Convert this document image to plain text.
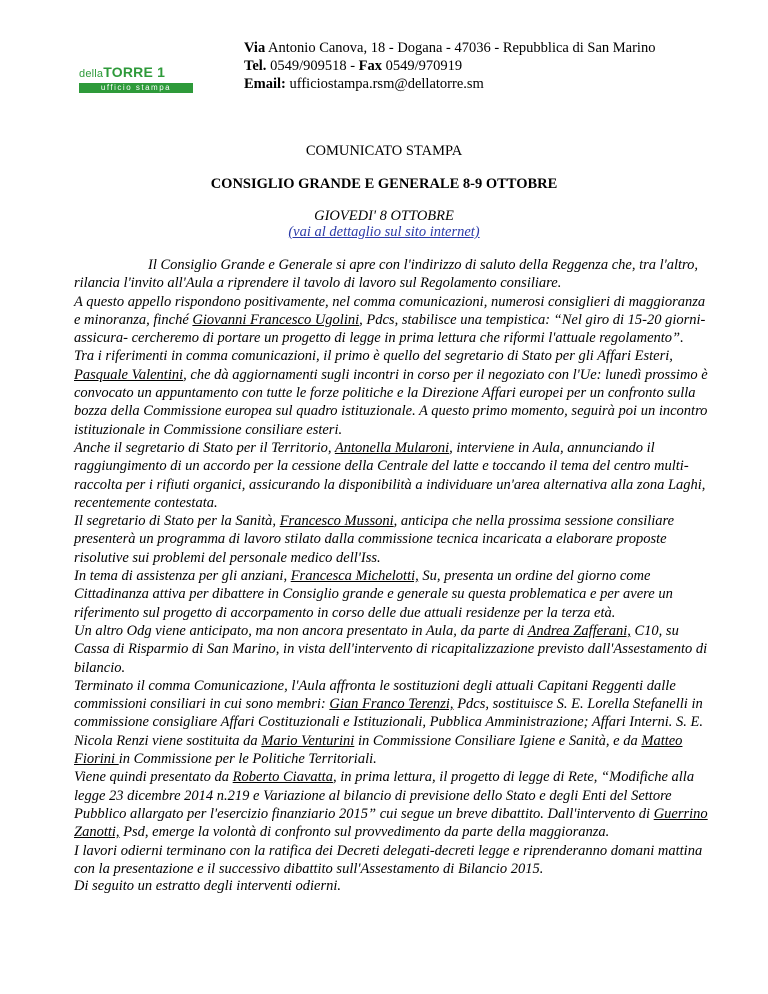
dellaTORRE 1
ufficio stampa
Via Antonio Canova, 18 - Dogana - 47036 - Repubblica di San Marino
Tel. 0549/909518 - Fax 0549/970919
Email: ufficiostampa.rsm@dellatorre.sm
COMUNICATO STAMPA
CONSIGLIO GRANDE E GENERALE 8-9 OTTOBRE
GIOVEDI' 8 OTTOBRE
(vai al dettaglio sul sito internet)

Il Consiglio Grande e Generale si apre con l'indirizzo di saluto della Reggenza che, tra l'altro, rilancia l'invito all'Aula a riprendere il tavolo di lavoro sul Regolamento consiliare.

A questo appello rispondono positivamente, nel comma comunicazioni, numerosi consiglieri di maggioranza e minoranza, finché Giovanni Francesco Ugolini, Pdcs, stabilisce una tempistica: “Nel giro di 15-20 giorni- assicura- cercheremo di portare un progetto di legge in prima lettura che riformi l'attuale regolamento”.

Tra i riferimenti in comma comunicazioni, il primo è quello del segretario di Stato per gli Affari Esteri, Pasquale Valentini, che dà aggiornamenti sugli incontri in corso per il negoziato con l'Ue: lunedì prossimo è convocato un appuntamento con tutte le forze politiche e la Direzione Affari europei per un confronto sulla bozza della Commissione europea sul quadro istituzionale. A questo primo momento, seguirà poi un incontro istituzionale in Commissione consiliare esteri.

Anche il segretario di Stato per il Territorio, Antonella Mularoni, interviene in Aula, annunciando il raggiungimento di un accordo per la cessione della Centrale del latte e toccando il tema del centro multi-raccolta per i rifiuti organici, assicurando la disponibilità a individuare un'area alternativa alla zona Laghi, recentemente contestata.

Il segretario di Stato per la Sanità, Francesco Mussoni, anticipa che nella prossima sessione consiliare presenterà un programma di lavoro stilato dalla commissione tecnica incaricata a elaborare proposte risolutive sui problemi del personale medico dell'Iss.

In tema di assistenza per gli anziani, Francesca Michelotti, Su, presenta un ordine del giorno come Cittadinanza attiva per dibattere in Consiglio grande e generale su questa problematica e per avere un riferimento sul progetto di accorpamento in corso delle due attuali residenze per la terza età.

Un altro Odg viene anticipato, ma non ancora presentato in Aula, da parte di Andrea Zafferani, C10, su Cassa di Risparmio di San Marino, in vista dell'intervento di ricapitalizzazione previsto dall'Assestamento di bilancio.

Terminato il comma Comunicazione, l'Aula affronta le sostituzioni degli attuali Capitani Reggenti dalle commissioni consiliari in cui sono membri: Gian Franco Terenzi, Pdcs, sostituisce S. E. Lorella Stefanelli in commissione consigliare Affari Costituzionali e Istituzionali, Pubblica Amministrazione; Affari Interni. S. E. Nicola Renzi viene sostituita da Mario Venturini in Commissione Consiliare Igiene e Sanità, e da Matteo Fiorini in Commissione per le Politiche Territoriali.

Viene quindi presentato da Roberto Ciavatta, in prima lettura, il progetto di legge di Rete, “Modifiche alla legge 23 dicembre 2014 n.219 e Variazione al bilancio di previsione dello Stato e degli Enti del Settore Pubblico allargato per l'esercizio finanziario 2015” cui segue un breve dibattito. Dall'intervento di Guerrino Zanotti, Psd, emerge la volontà di confronto sul provvedimento da parte della maggioranza.

I lavori odierni terminano con la ratifica dei Decreti delegati-decreti legge e riprenderanno domani mattina con la presentazione e il successivo dibattito sull'Assestamento di Bilancio 2015.

Di seguito un estratto degli interventi odierni.
